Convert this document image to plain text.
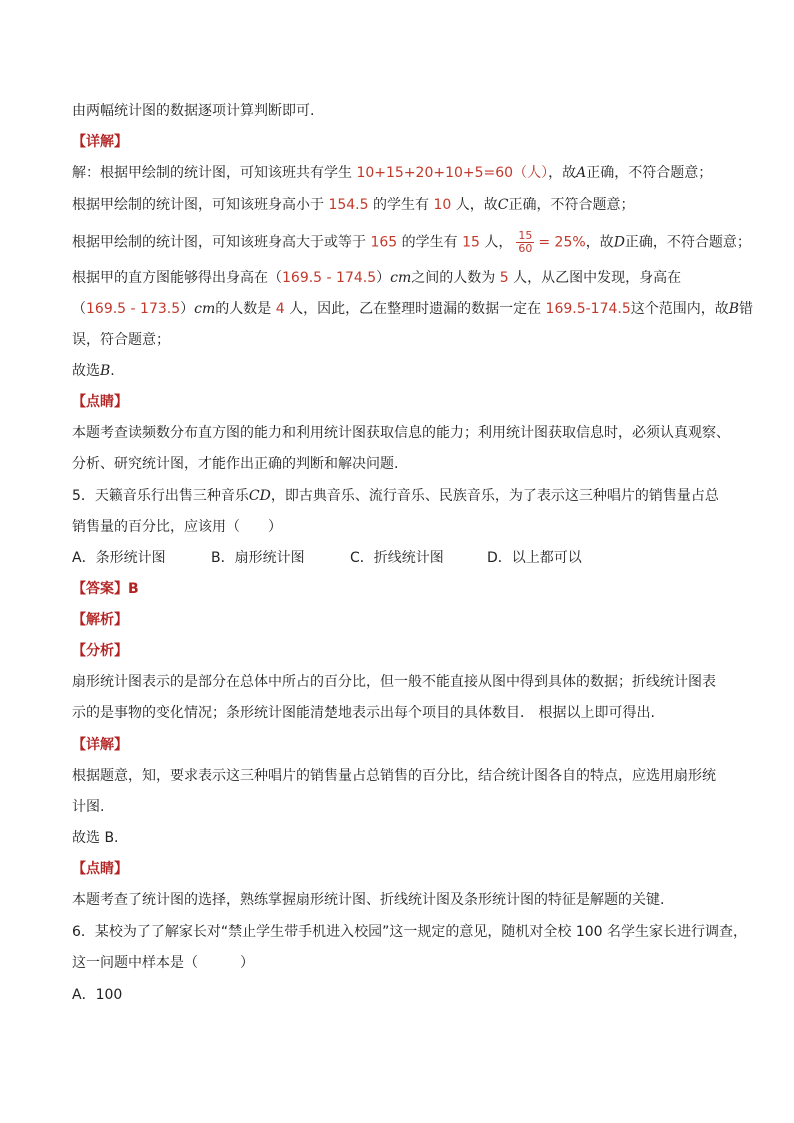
由两幅统计图的数据逐项计算判断即可.
【详解】
解：根据甲绘制的统计图，可知该班共有学生 10+15+20+10+5=60（人），故A正确，不符合题意；
根据甲绘制的统计图，可知该班身高小于 154.5 的学生有 10 人，故C正确，不符合题意；
根据甲绘制的统计图，可知该班身高大于或等于 165 的学生有 15 人， $\frac{15}{60} = 25\%$，故D正确，不符合题意；
根据甲的直方图能够得出身高在（169.5 - 174.5）cm之间的人数为 5 人，从乙图中发现，身高在
（169.5 - 173.5）cm的人数是 4 人，因此，乙在整理时遗漏的数据一定在 169.5-174.5这个范围内，故B错
误，符合题意；
故选B.
【点睛】
本题考查读频数分布直方图的能力和利用统计图获取信息的能力；利用统计图获取信息时，必须认真观察、
分析、研究统计图，才能作出正确的判断和解决问题.
5．天籁音乐行出售三种音乐CD，即古典音乐、流行音乐、民族音乐，为了表示这三种唱片的销售量占总
销售量的百分比，应该用（　　）
A．条形统计图	B．扇形统计图	C．折线统计图	D．以上都可以
【答案】B
【解析】
【分析】
扇形统计图表示的是部分在总体中所占的百分比，但一般不能直接从图中得到具体的数据；折线统计图表
示的是事物的变化情况；条形统计图能清楚地表示出每个项目的具体数目． 根据以上即可得出.
【详解】
根据题意，知，要求表示这三种唱片的销售量占总销售的百分比，结合统计图各自的特点，应选用扇形统
计图.
故选 B.
【点睛】
本题考查了统计图的选择，熟练掌握扇形统计图、折线统计图及条形统计图的特征是解题的关键.
6．某校为了了解家长对“禁止学生带手机进入校园”这一规定的意见，随机对全校 100 名学生家长进行调查，
这一问题中样本是（　　　）
A．100
